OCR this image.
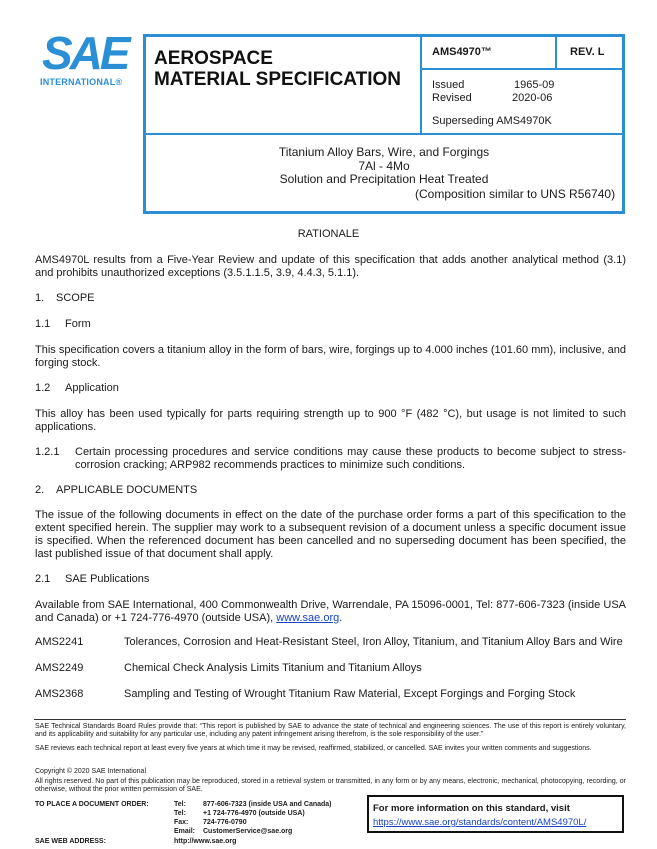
SAE
INTERNATIONAL®
AEROSPACE
MATERIAL SPECIFICATION
AMS4970™	REV. L
Issued	1965-09
Revised	2020-06
Superseding AMS4970K
Titanium Alloy Bars, Wire, and Forgings
7Al - 4Mo
Solution and Precipitation Heat Treated
(Composition similar to UNS R56740)
RATIONALE
AMS4970L results from a Five-Year Review and update of this specification that adds another analytical method (3.1) and prohibits unauthorized exceptions (3.5.1.1.5, 3.9, 4.4.3, 5.1.1).
1. SCOPE
1.1 Form
This specification covers a titanium alloy in the form of bars, wire, forgings up to 4.000 inches (101.60 mm), inclusive, and forging stock.
1.2 Application
This alloy has been used typically for parts requiring strength up to 900 °F (482 °C), but usage is not limited to such applications.
1.2.1 Certain processing procedures and service conditions may cause these products to become subject to stress-corrosion cracking; ARP982 recommends practices to minimize such conditions.
2. APPLICABLE DOCUMENTS
The issue of the following documents in effect on the date of the purchase order forms a part of this specification to the extent specified herein. The supplier may work to a subsequent revision of a document unless a specific document issue is specified. When the referenced document has been cancelled and no superseding document has been specified, the last published issue of that document shall apply.
2.1 SAE Publications
Available from SAE International, 400 Commonwealth Drive, Warrendale, PA 15096-0001, Tel: 877-606-7323 (inside USA and Canada) or +1 724-776-4970 (outside USA), www.sae.org.
AMS2241	Tolerances, Corrosion and Heat-Resistant Steel, Iron Alloy, Titanium, and Titanium Alloy Bars and Wire
AMS2249	Chemical Check Analysis Limits Titanium and Titanium Alloys
AMS2368	Sampling and Testing of Wrought Titanium Raw Material, Except Forgings and Forging Stock
SAE Technical Standards Board Rules provide that: “This report is published by SAE to advance the state of technical and engineering sciences. The use of this report is entirely voluntary, and its applicability and suitability for any particular use, including any patent infringement arising therefrom, is the sole responsibility of the user.”
SAE reviews each technical report at least every five years at which time it may be revised, reaffirmed, stabilized, or cancelled. SAE invites your written comments and suggestions.
Copyright © 2020 SAE International
All rights reserved. No part of this publication may be reproduced, stored in a retrieval system or transmitted, in any form or by any means, electronic, mechanical, photocopying, recording, or otherwise, without the prior written permission of SAE.
TO PLACE A DOCUMENT ORDER:	Tel: 877-606-7323 (inside USA and Canada)
Tel: +1 724-776-4970 (outside USA)
Fax: 724-776-0790
Email: CustomerService@sae.org
SAE WEB ADDRESS:	http://www.sae.org
For more information on this standard, visit
https://www.sae.org/standards/content/AMS4970L/
